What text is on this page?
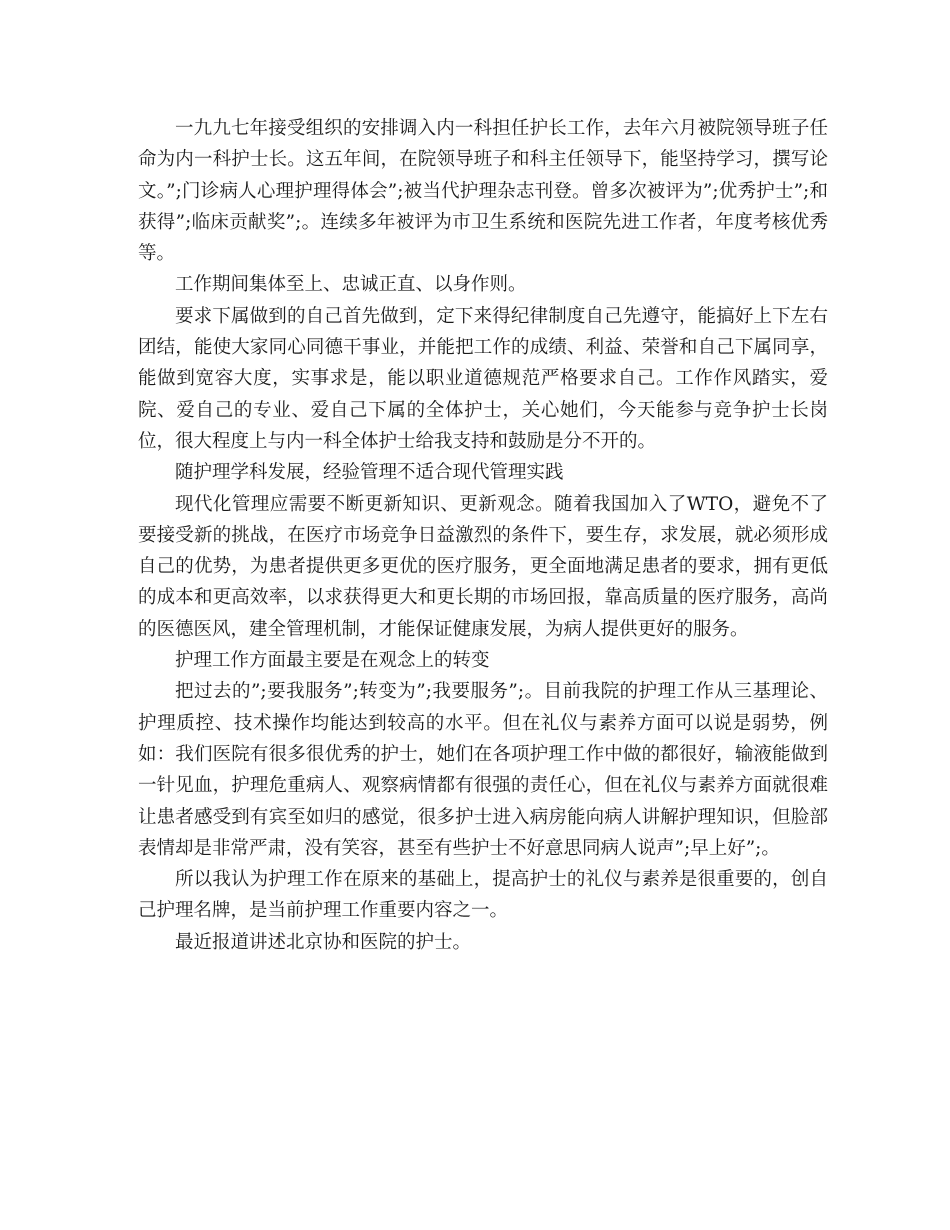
一九九七年接受组织的安排调入内一科担任护长工作，去年六月被院领导班子任命为内一科护士长。这五年间，在院领导班子和科主任领导下，能坚持学习，撰写论文。”;门诊病人心理护理得体会”;被当代护理杂志刊登。曾多次被评为”;优秀护士”;和获得”;临床贡献奖”;。连续多年被评为市卫生系统和医院先进工作者，年度考核优秀等。

工作期间集体至上、忠诚正直、以身作则。

要求下属做到的自己首先做到，定下来得纪律制度自己先遵守，能搞好上下左右团结，能使大家同心同德干事业，并能把工作的成绩、利益、荣誉和自己下属同享，能做到宽容大度，实事求是，能以职业道德规范严格要求自己。工作作风踏实，爱院、爱自己的专业、爱自己下属的全体护士，关心她们，今天能参与竞争护士长岗位，很大程度上与内一科全体护士给我支持和鼓励是分不开的。

随护理学科发展，经验管理不适合现代管理实践

现代化管理应需要不断更新知识、更新观念。随着我国加入了WTO，避免不了要接受新的挑战，在医疗市场竞争日益激烈的条件下，要生存，求发展，就必须形成自己的优势，为患者提供更多更优的医疗服务，更全面地满足患者的要求，拥有更低的成本和更高效率，以求获得更大和更长期的市场回报，靠高质量的医疗服务，高尚的医德医风，建全管理机制，才能保证健康发展，为病人提供更好的服务。

护理工作方面最主要是在观念上的转变

把过去的”;要我服务”;转变为”;我要服务”;。目前我院的护理工作从三基理论、护理质控、技术操作均能达到较高的水平。但在礼仪与素养方面可以说是弱势，例如：我们医院有很多很优秀的护士，她们在各项护理工作中做的都很好，输液能做到一针见血，护理危重病人、观察病情都有很强的责任心，但在礼仪与素养方面就很难让患者感受到有宾至如归的感觉，很多护士进入病房能向病人讲解护理知识，但脸部表情却是非常严肃，没有笑容，甚至有些护士不好意思同病人说声”;早上好”;。

所以我认为护理工作在原来的基础上，提高护士的礼仪与素养是很重要的，创自己护理名牌，是当前护理工作重要内容之一。

最近报道讲述北京协和医院的护士。
